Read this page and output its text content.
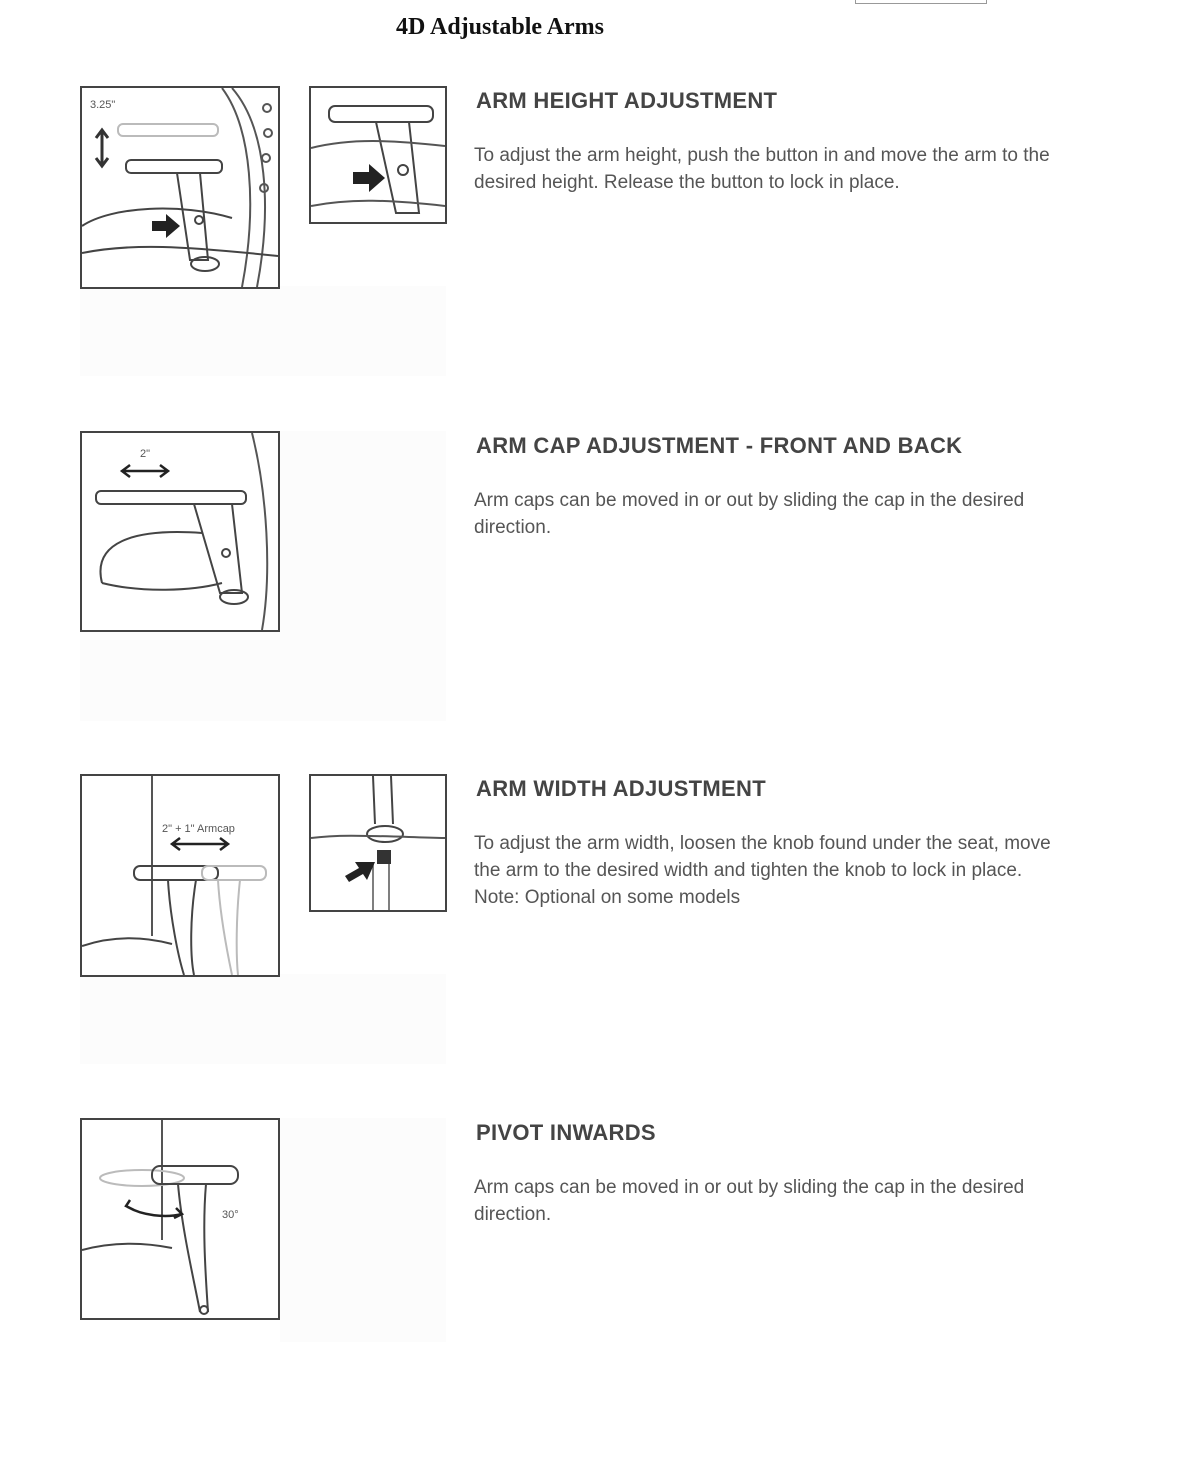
4D Adjustable Arms
3.25"	ARM HEIGHT ADJUSTMENT
To adjust the arm height, push the button in and move the arm to the
desired height. Release the button to lock in place.
2"	ARM CAP ADJUSTMENT - FRONT AND BACK
Arm caps can be moved in or out by sliding the cap in the desired
direction.
2" + 1" Armcap
ARM WIDTH ADJUSTMENT
To adjust the arm width, loosen the knob found under the seat, move
the arm to the desired width and tighten the knob to lock in place.
Note: Optional on some models
30°
PIVOT INWARDS
Arm caps can be moved in or out by sliding the cap in the desired
direction.
